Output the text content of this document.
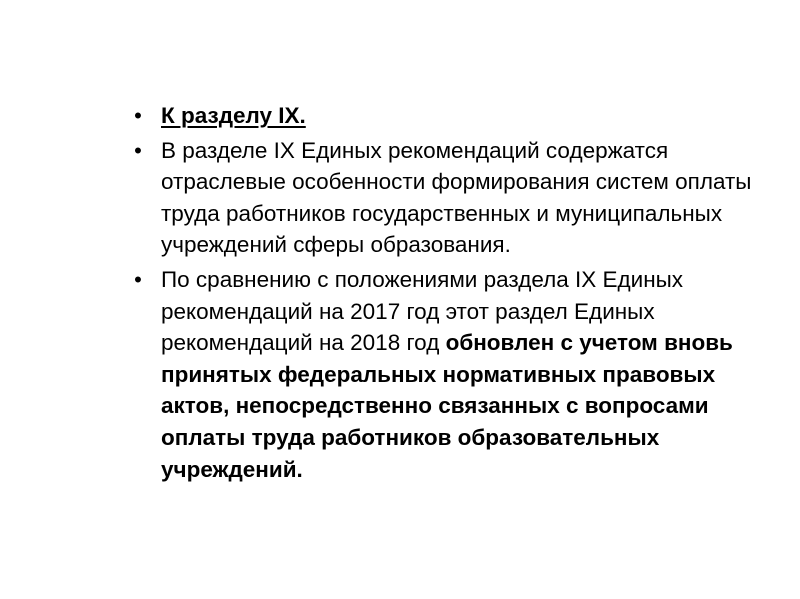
• К разделу IX.
• В разделе IX Единых рекомендаций содержатся отраслевые особенности формирования систем оплаты труда работников государственных и муниципальных учреждений сферы образования.
• По сравнению с положениями раздела IX Единых рекомендаций на 2017 год этот раздел Единых рекомендаций на 2018 год обновлен с учетом вновь принятых федеральных нормативных правовых актов, непосредственно связанных с вопросами оплаты труда работников образовательных учреждений.
